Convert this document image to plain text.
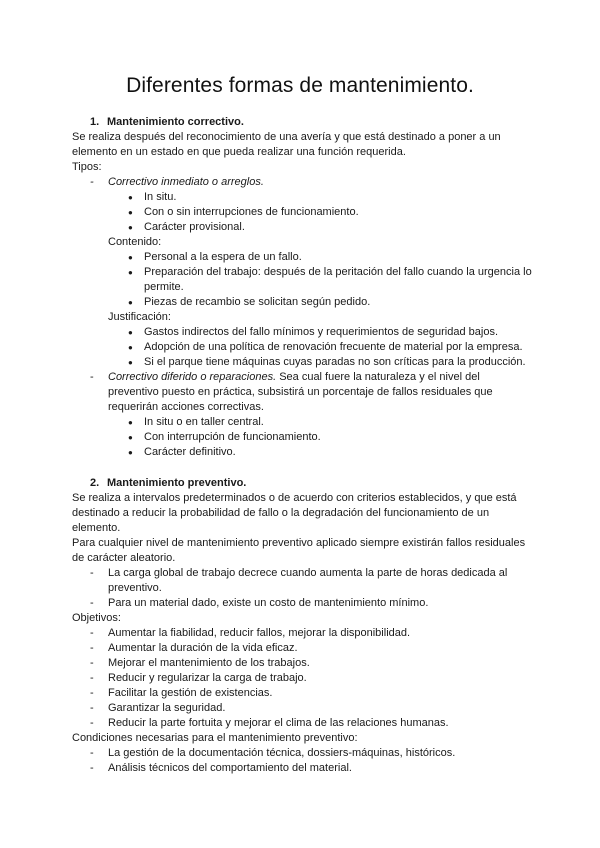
Diferentes formas de mantenimiento.
1. Mantenimiento correctivo.
Se realiza después del reconocimiento de una avería y que está destinado a poner a un elemento en un estado en que pueda realizar una función requerida.
Tipos:
- Correctivo inmediato o arreglos.
● In situ.
● Con o sin interrupciones de funcionamiento.
● Carácter provisional.
Contenido:
● Personal a la espera de un fallo.
● Preparación del trabajo: después de la peritación del fallo cuando la urgencia lo permite.
● Piezas de recambio se solicitan según pedido.
Justificación:
● Gastos indirectos del fallo mínimos y requerimientos de seguridad bajos.
● Adopción de una política de renovación frecuente de material por la empresa.
● Si el parque tiene máquinas cuyas paradas no son críticas para la producción.
- Correctivo diferido o reparaciones. Sea cual fuere la naturaleza y el nivel del preventivo puesto en práctica, subsistirá un porcentaje de fallos residuales que requerirán acciones correctivas.
● In situ o en taller central.
● Con interrupción de funcionamiento.
● Carácter definitivo.
2. Mantenimiento preventivo.
Se realiza a intervalos predeterminados o de acuerdo con criterios establecidos, y que está destinado a reducir la probabilidad de fallo o la degradación del funcionamiento de un elemento.
Para cualquier nivel de mantenimiento preventivo aplicado siempre existirán fallos residuales de carácter aleatorio.
- La carga global de trabajo decrece cuando aumenta la parte de horas dedicada al preventivo.
- Para un material dado, existe un costo de mantenimiento mínimo.
Objetivos:
- Aumentar la fiabilidad, reducir fallos, mejorar la disponibilidad.
- Aumentar la duración de la vida eficaz.
- Mejorar el mantenimiento de los trabajos.
- Reducir y regularizar la carga de trabajo.
- Facilitar la gestión de existencias.
- Garantizar la seguridad.
- Reducir la parte fortuita y mejorar el clima de las relaciones humanas.
Condiciones necesarias para el mantenimiento preventivo:
- La gestión de la documentación técnica, dossiers-máquinas, históricos.
- Análisis técnicos del comportamiento del material.
